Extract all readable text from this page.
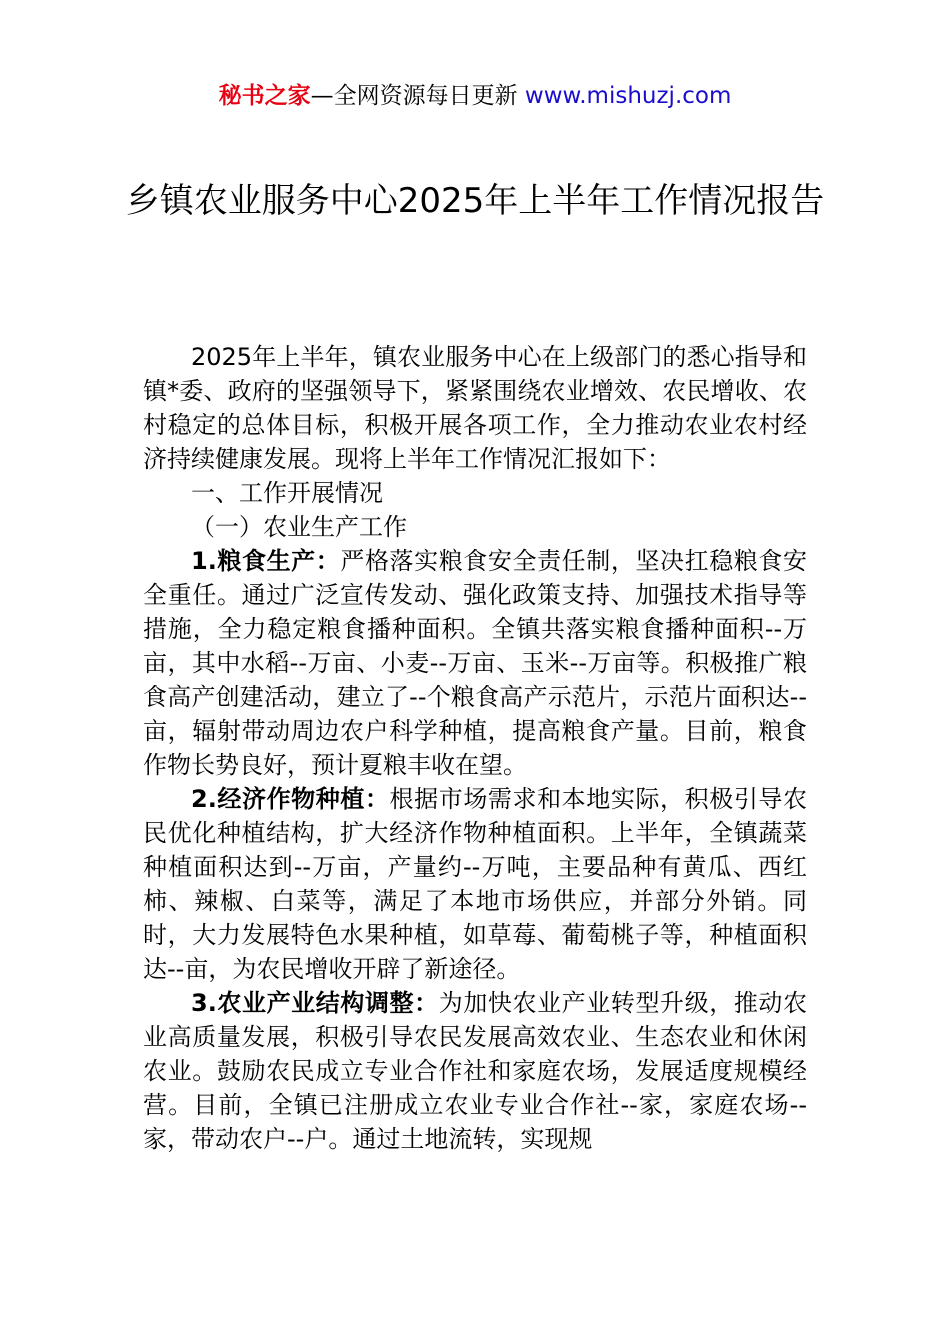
秘书之家—全网资源每日更新 www.mishuzj.com
乡镇农业服务中心2025年上半年工作情况报告

2025年上半年，镇农业服务中心在上级部门的悉心指导和镇*委、政府的坚强领导下，紧紧围绕农业增效、农民增收、农村稳定的总体目标，积极开展各项工作，全力推动农业农村经济持续健康发展。现将上半年工作情况汇报如下：

一、工作开展情况

（一）农业生产工作

1.粮食生产：严格落实粮食安全责任制，坚决扛稳粮食安全重任。通过广泛宣传发动、强化政策支持、加强技术指导等措施，全力稳定粮食播种面积。全镇共落实粮食播种面积--万亩，其中水稻--万亩、小麦--万亩、玉米--万亩等。积极推广粮食高产创建活动，建立了--个粮食高产示范片，示范片面积达--亩，辐射带动周边农户科学种植，提高粮食产量。目前，粮食作物长势良好，预计夏粮丰收在望。

2.经济作物种植：根据市场需求和本地实际，积极引导农民优化种植结构，扩大经济作物种植面积。上半年，全镇蔬菜种植面积达到--万亩，产量约--万吨，主要品种有黄瓜、西红柿、辣椒、白菜等，满足了本地市场供应，并部分外销。同时，大力发展特色水果种植，如草莓、葡萄桃子等，种植面积达--亩，为农民增收开辟了新途径。

3.农业产业结构调整：为加快农业产业转型升级，推动农业高质量发展，积极引导农民发展高效农业、生态农业和休闲农业。鼓励农民成立专业合作社和家庭农场，发展适度规模经营。目前，全镇已注册成立农业专业合作社--家，家庭农场--家，带动农户--户。通过土地流转，实现规
